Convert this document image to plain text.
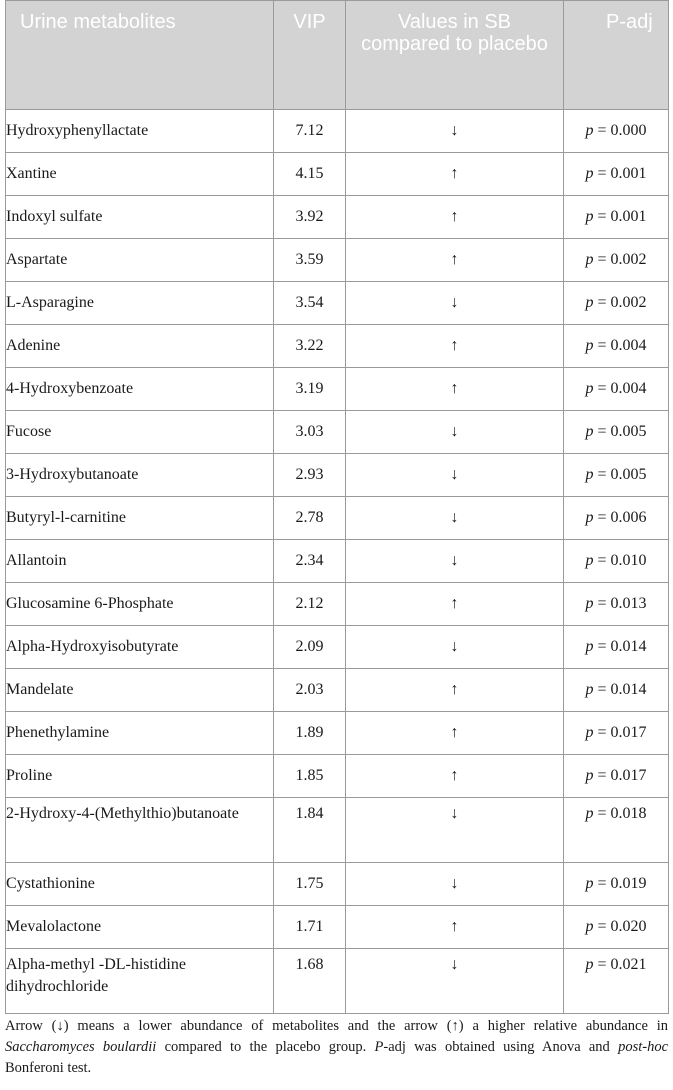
Urine metabolites	VIP	Values in SB compared to placebo	P-adj
Hydroxyphenyllactate	7.12	↓	p = 0.000
Xantine	4.15	↑	p = 0.001
Indoxyl sulfate	3.92	↑	p = 0.001
Aspartate	3.59	↑	p = 0.002
L-Asparagine	3.54	↓	p = 0.002
Adenine	3.22	↑	p = 0.004
4-Hydroxybenzoate	3.19	↑	p = 0.004
Fucose	3.03	↓	p = 0.005
3-Hydroxybutanoate	2.93	↓	p = 0.005
Butyryl-l-carnitine	2.78	↓	p = 0.006
Allantoin	2.34	↓	p = 0.010
Glucosamine 6-Phosphate	2.12	↑	p = 0.013
Alpha-Hydroxyisobutyrate	2.09	↓	p = 0.014
Mandelate	2.03	↑	p = 0.014
Phenethylamine	1.89	↑	p = 0.017
Proline	1.85	↑	p = 0.017
2-Hydroxy-4-(Methylthio)butanoate	1.84	↓	p = 0.018
Cystathionine	1.75	↓	p = 0.019
Mevalolactone	1.71	↑	p = 0.020
Alpha-methyl -DL-histidine dihydrochloride	1.68	↓	p = 0.021
Arrow (↓) means a lower abundance of metabolites and the arrow (↑) a higher relative abundance in Saccharomyces boulardii compared to the placebo group. P-adj was obtained using Anova and post-hoc Bonferoni test.
